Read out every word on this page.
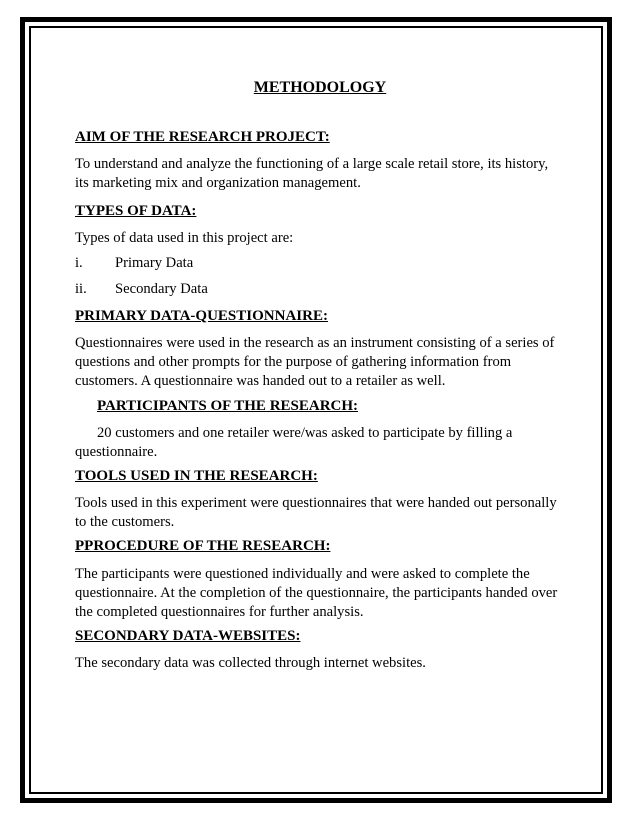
METHODOLOGY
AIM OF THE RESEARCH PROJECT:

To understand and analyze the functioning of a large scale retail store, its history, its marketing mix and organization management.

TYPES OF DATA:

Types of data used in this project are:

i. Primary Data
ii. Secondary Data
PRIMARY DATA-QUESTIONNAIRE:

Questionnaires were used in the research as an instrument consisting of a series of questions and other prompts for the purpose of gathering information from customers. A questionnaire was handed out to a retailer as well.

PARTICIPANTS OF THE RESEARCH:

20 customers and one retailer were/was asked to participate by filling a questionnaire.

TOOLS USED IN THE RESEARCH:

Tools used in this experiment were questionnaires that were handed out personally to the customers.

PPROCEDURE OF THE RESEARCH:

The participants were questioned individually and were asked to complete the questionnaire. At the completion of the questionnaire, the participants handed over the completed questionnaires for further analysis.

SECONDARY DATA-WEBSITES:

The secondary data was collected through internet websites.
